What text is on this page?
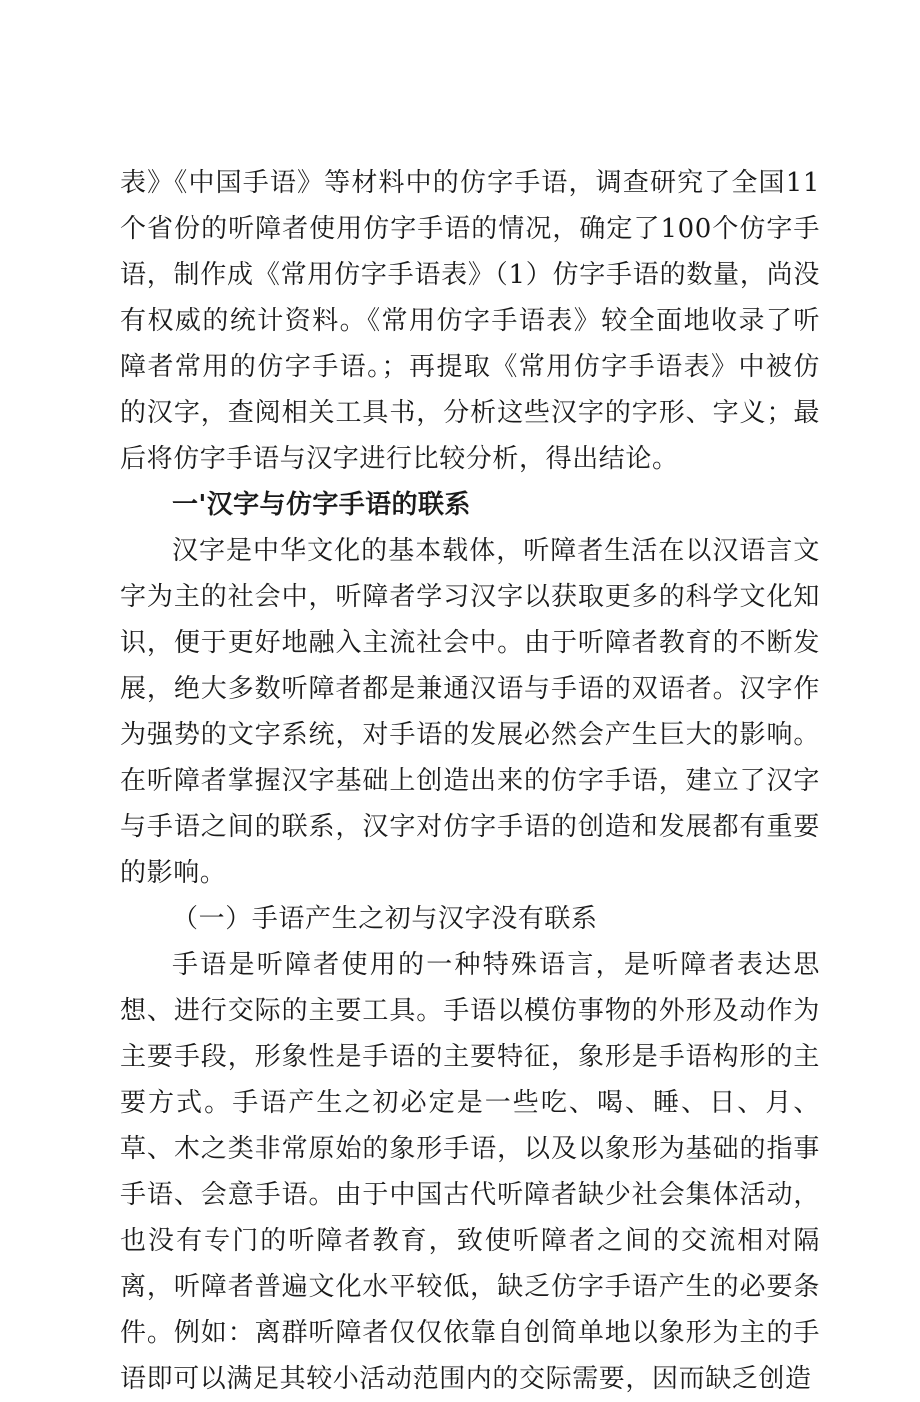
表》《中国手语》等材料中的仿字手语，调查研究了全国11个省份的听障者使用仿字手语的情况，确定了100个仿字手语，制作成《常用仿字手语表》（1）仿字手语的数量，尚没有权威的统计资料。《常用仿字手语表》较全面地收录了听障者常用的仿字手语。；再提取《常用仿字手语表》中被仿的汉字，查阅相关工具书，分析这些汉字的字形、字义；最后将仿字手语与汉字进行比较分析，得出结论。

一'汉字与仿字手语的联系

汉字是中华文化的基本载体，听障者生活在以汉语言文字为主的社会中，听障者学习汉字以获取更多的科学文化知识，便于更好地融入主流社会中。由于听障者教育的不断发展，绝大多数听障者都是兼通汉语与手语的双语者。汉字作为强势的文字系统，对手语的发展必然会产生巨大的影响。在听障者掌握汉字基础上创造出来的仿字手语，建立了汉字与手语之间的联系，汉字对仿字手语的创造和发展都有重要的影响。

（一）手语产生之初与汉字没有联系

手语是听障者使用的一种特殊语言，是听障者表达思想、进行交际的主要工具。手语以模仿事物的外形及动作为主要手段，形象性是手语的主要特征，象形是手语构形的主要方式。手语产生之初必定是一些吃、喝、睡、日、月、草、木之类非常原始的象形手语，以及以象形为基础的指事手语、会意手语。由于中国古代听障者缺少社会集体活动，也没有专门的听障者教育，致使听障者之间的交流相对隔离，听障者普遍文化水平较低，缺乏仿字手语产生的必要条件。例如：离群听障者仅仅依靠自创简单地以象形为主的手语即可以满足其较小活动范围内的交际需要，因而缺乏创造
